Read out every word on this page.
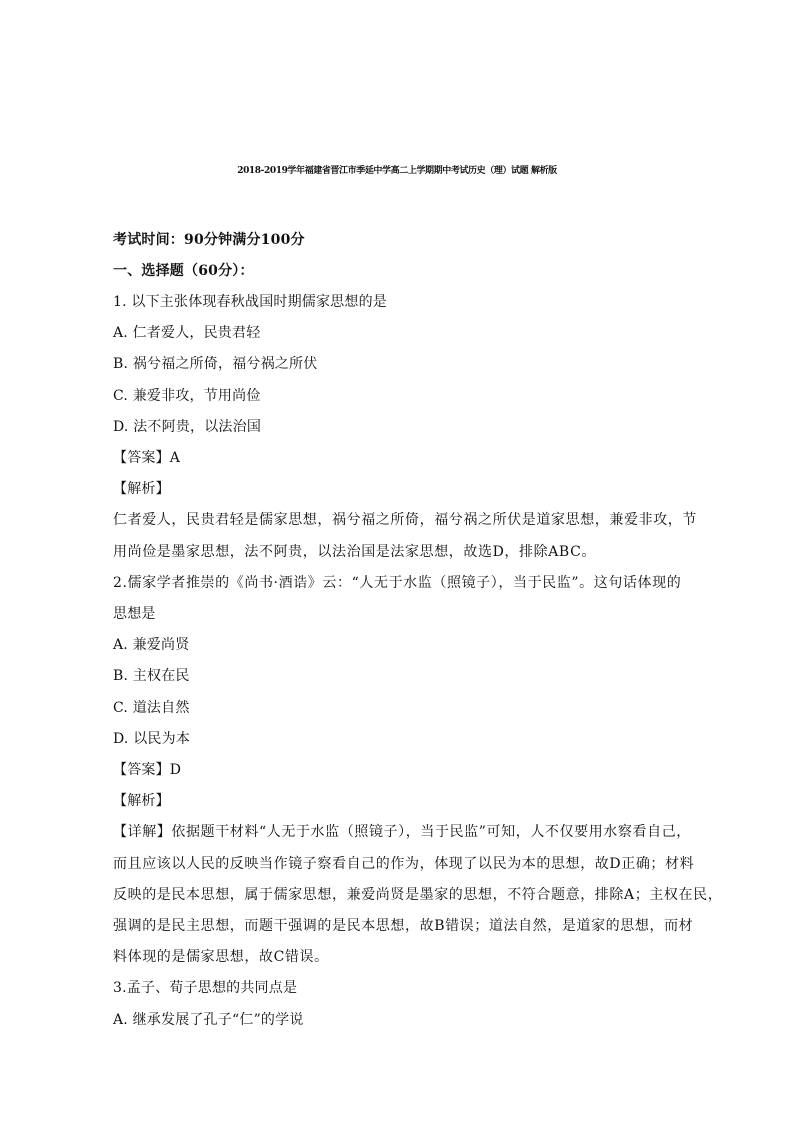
2018-2019学年福建省晋江市季延中学高二上学期期中考试历史（理）试题 解析版
考试时间：90分钟满分100分
一、选择题（60分）：
1. 以下主张体现春秋战国时期儒家思想的是
A. 仁者爱人，民贵君轻
B. 祸兮福之所倚，福兮祸之所伏
C. 兼爱非攻，节用尚俭
D. 法不阿贵，以法治国
【答案】A
【解析】
仁者爱人，民贵君轻是儒家思想，祸兮福之所倚，福兮祸之所伏是道家思想，兼爱非攻，节
用尚俭是墨家思想，法不阿贵，以法治国是法家思想，故选D，排除ABC。
2.儒家学者推崇的《尚书·酒诰》云：“人无于水监（照镜子），当于民监”。这句话体现的
思想是
A. 兼爱尚贤
B. 主权在民
C. 道法自然
D. 以民为本
【答案】D
【解析】
【详解】依据题干材料“人无于水监（照镜子），当于民监”可知，人不仅要用水察看自己，
而且应该以人民的反映当作镜子察看自己的作为，体现了以民为本的思想，故D正确；材料
反映的是民本思想，属于儒家思想，兼爱尚贤是墨家的思想，不符合题意，排除A；主权在民，
强调的是民主思想，而题干强调的是民本思想，故B错误；道法自然，是道家的思想，而材
料体现的是儒家思想，故C错误。
3.孟子、荀子思想的共同点是
A. 继承发展了孔子“仁”的学说
